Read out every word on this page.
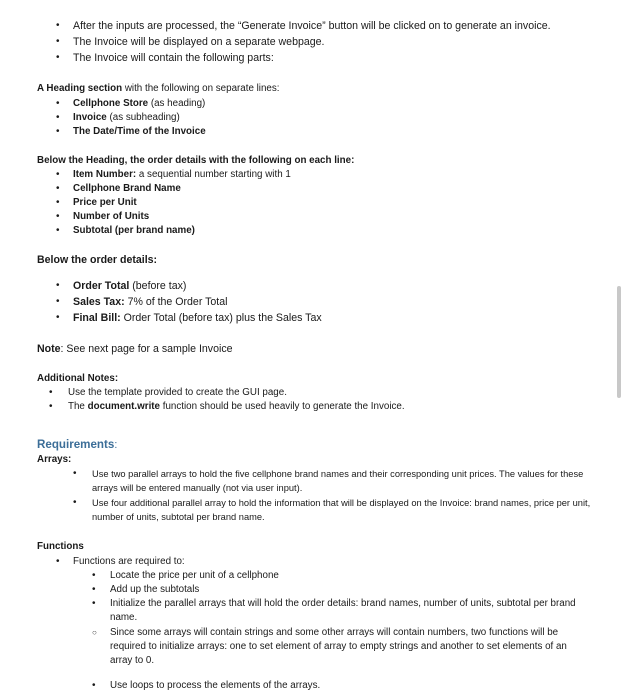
• After the inputs are processed, the “Generate Invoice” button will be clicked on to generate an invoice.
• The Invoice will be displayed on a separate webpage.
• The Invoice will contain the following parts:
A Heading section with the following on separate lines:
• Cellphone Store (as heading)
• Invoice (as subheading)
• The Date/Time of the Invoice
Below the Heading, the order details with the following on each line:
• Item Number: a sequential number starting with 1
• Cellphone Brand Name
• Price per Unit
• Number of Units
• Subtotal (per brand name)
Below the order details:
• Order Total (before tax)
• Sales Tax: 7% of the Order Total
• Final Bill: Order Total (before tax) plus the Sales Tax
Note: See next page for a sample Invoice
Additional Notes:
• Use the template provided to create the GUI page.
• The document.write function should be used heavily to generate the Invoice.
Requirements:
Arrays:
• Use two parallel arrays to hold the five cellphone brand names and their corresponding unit prices. The values for these arrays will be entered manually (not via user input).
• Use four additional parallel array to hold the information that will be displayed on the Invoice: brand names, price per unit, number of units, subtotal per brand name.
Functions
• Functions are required to:
• Locate the price per unit of a cellphone
• Add up the subtotals
• Initialize the parallel arrays that will hold the order details: brand names, number of units, subtotal per brand name.
○ Since some arrays will contain strings and some other arrays will contain numbers, two functions will be required to initialize arrays: one to set element of array to empty strings and another to set elements of an array to 0.
• Use loops to process the elements of the arrays.
